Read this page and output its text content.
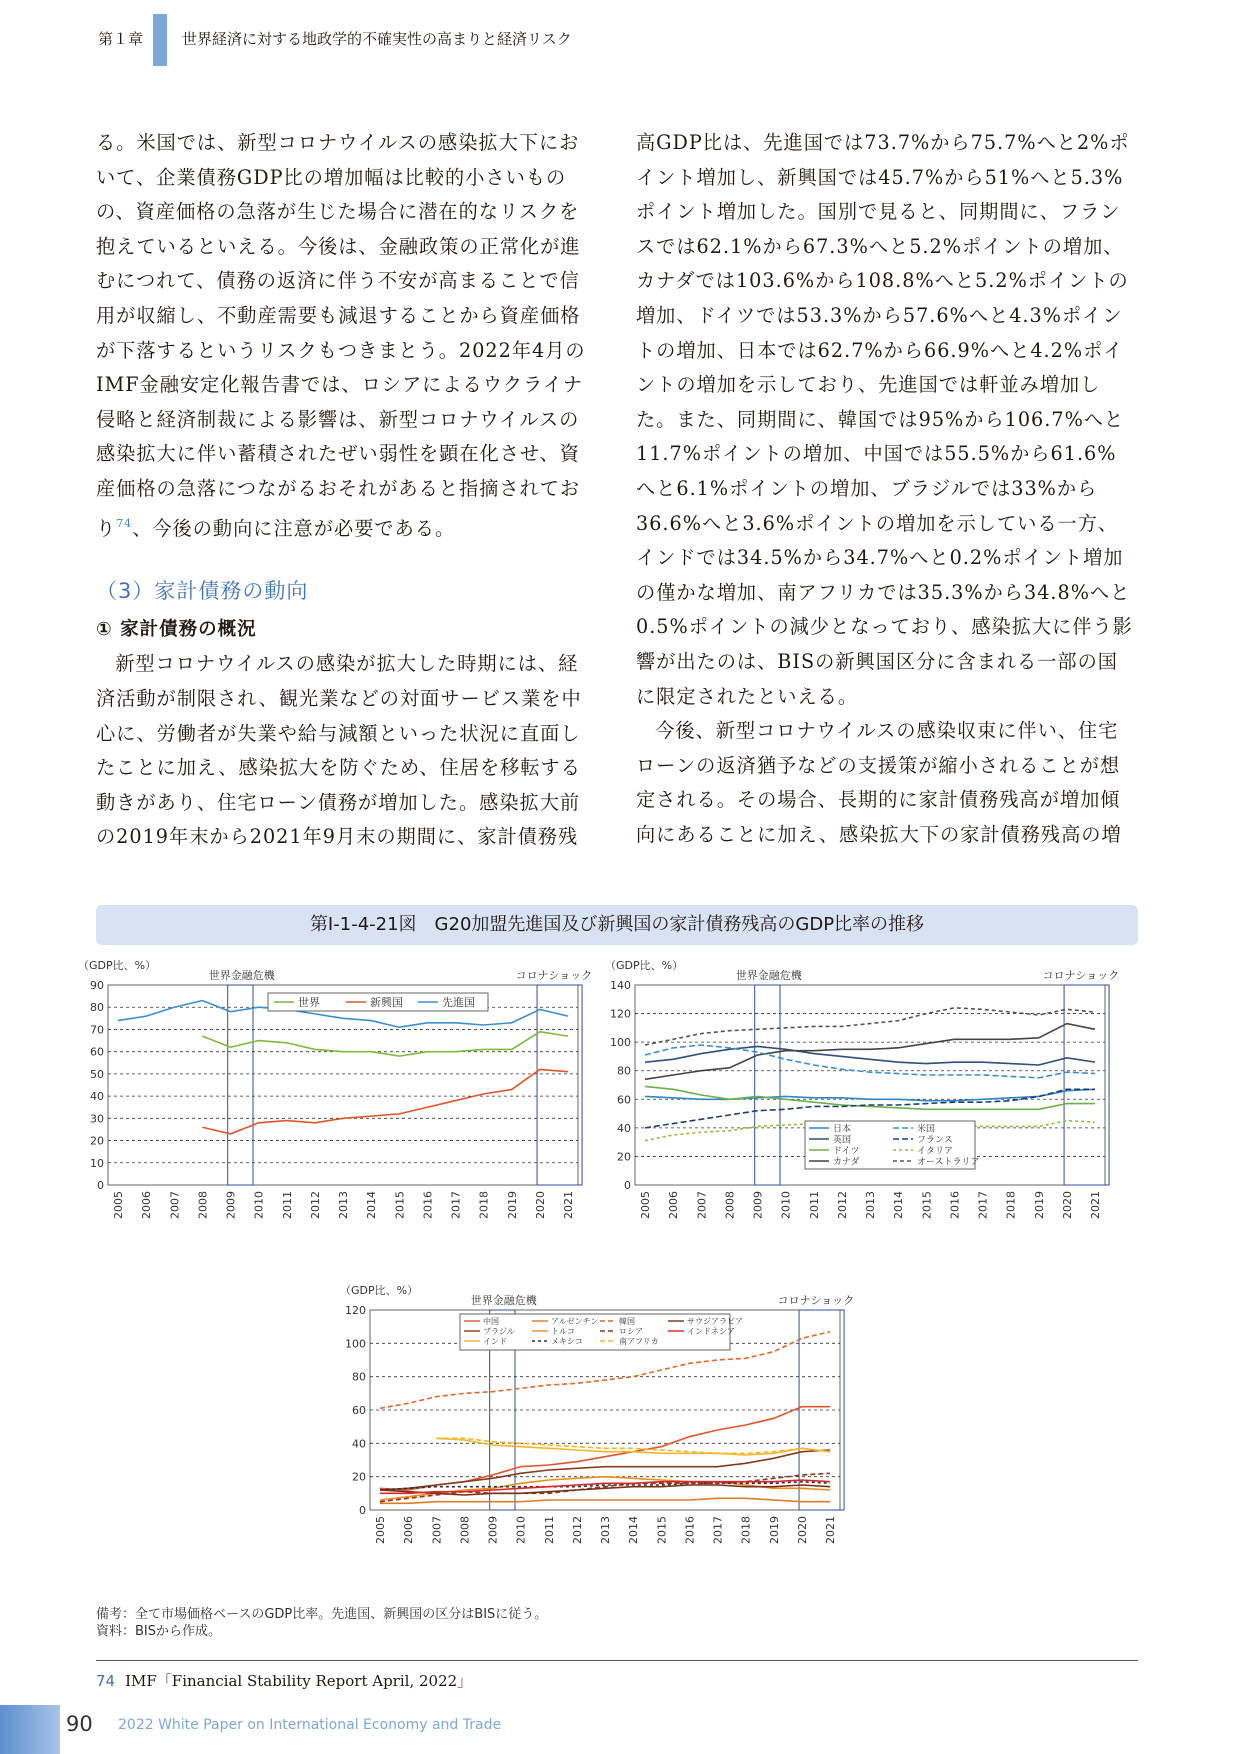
第１章	世界経済に対する地政学的不確実性の高まりと経済リスク

る。米国では、新型コロナウイルスの感染拡大下において、企業債務GDP比の増加幅は比較的小さいものの、資産価格の急落が生じた場合に潜在的なリスクを抱えているといえる。今後は、金融政策の正常化が進むにつれて、債務の返済に伴う不安が高まることで信用が収縮し、不動産需要も減退することから資産価格が下落するというリスクもつきまとう。2022年4月のIMF金融安定化報告書では、ロシアによるウクライナ侵略と経済制裁による影響は、新型コロナウイルスの感染拡大に伴い蓄積されたぜい弱性を顕在化させ、資産価格の急落につながるおそれがあると指摘されており$^{74}$、今後の動向に注意が必要である。

（3）家計債務の動向

① 家計債務の概況

新型コロナウイルスの感染が拡大した時期には、経済活動が制限され、観光業などの対面サービス業を中心に、労働者が失業や給与減額といった状況に直面したことに加え、感染拡大を防ぐため、住居を移転する動きがあり、住宅ローン債務が増加した。感染拡大前の2019年末から2021年9月末の期間に、家計債務残

高GDP比は、先進国では73.7%から75.7%へと2%ポイント増加し、新興国では45.7%から51%へと5.3%ポイント増加した。国別で見ると、同期間に、フランスでは62.1%から67.3%へと5.2%ポイントの増加、カナダでは103.6%から108.8%へと5.2%ポイントの増加、ドイツでは53.3%から57.6%へと4.3%ポイントの増加、日本では62.7%から66.9%へと4.2%ポイントの増加を示しており、先進国では軒並み増加した。また、同期間に、韓国では95%から106.7%へと11.7%ポイントの増加、中国では55.5%から61.6%へと6.1%ポイントの増加、ブラジルでは33%から36.6%へと3.6%ポイントの増加を示している一方、インドでは34.5%から34.7%へと0.2%ポイント増加の僅かな増加、南アフリカでは35.3%から34.8%へと0.5%ポイントの減少となっており、感染拡大に伴う影響が出たのは、BISの新興国区分に含まれる一部の国に限定されたといえる。

今後、新型コロナウイルスの感染収束に伴い、住宅ローンの返済猶予などの支援策が縮小されることが想定される。その場合、長期的に家計債務残高が増加傾向にあることに加え、感染拡大下の家計債務残高の増

第Ⅰ-1-4-21図　G20加盟先進国及び新興国の家計債務残高のGDP比率の推移
（GDP比、%）
0
10
20
30
40
50
60
70
80
90
2005 2006 2007 2008 2009 2010 2011 2012 2013 2014 2015 2016 2017 2018 2019 2020 2021
世界金融危機	コロナショック
世界	新興国	先進国
（GDP比、%）
0
20
40
60
80
100
120
140
2005 2006 2007 2008 2009 2010 2011 2012 2013 2014 2015 2016 2017 2018 2019 2020 2021
世界金融危機	コロナショック
日本
英国
ドイツ
カナダ
米国
フランス
イタリア
オーストラリア
（GDP比、%）
0
20
40
60
80
100
120
2005 2006 2007 2008 2009 2010 2011 2012 2013 2014 2015 2016 2017 2018 2019 2020 2021
世界金融危機	コロナショック
中国
ブラジル
インド
アルゼンチン
トルコ
メキシコ
韓国
ロシア
南アフリカ
サウジアラビア
インドネシア
備考：全て市場価格ベースのGDP比率。先進国、新興国の区分はBISに従う。
資料：BISから作成。
74 IMF「Financial Stability Report April, 2022」
90 2022 White Paper on International Economy and Trade
